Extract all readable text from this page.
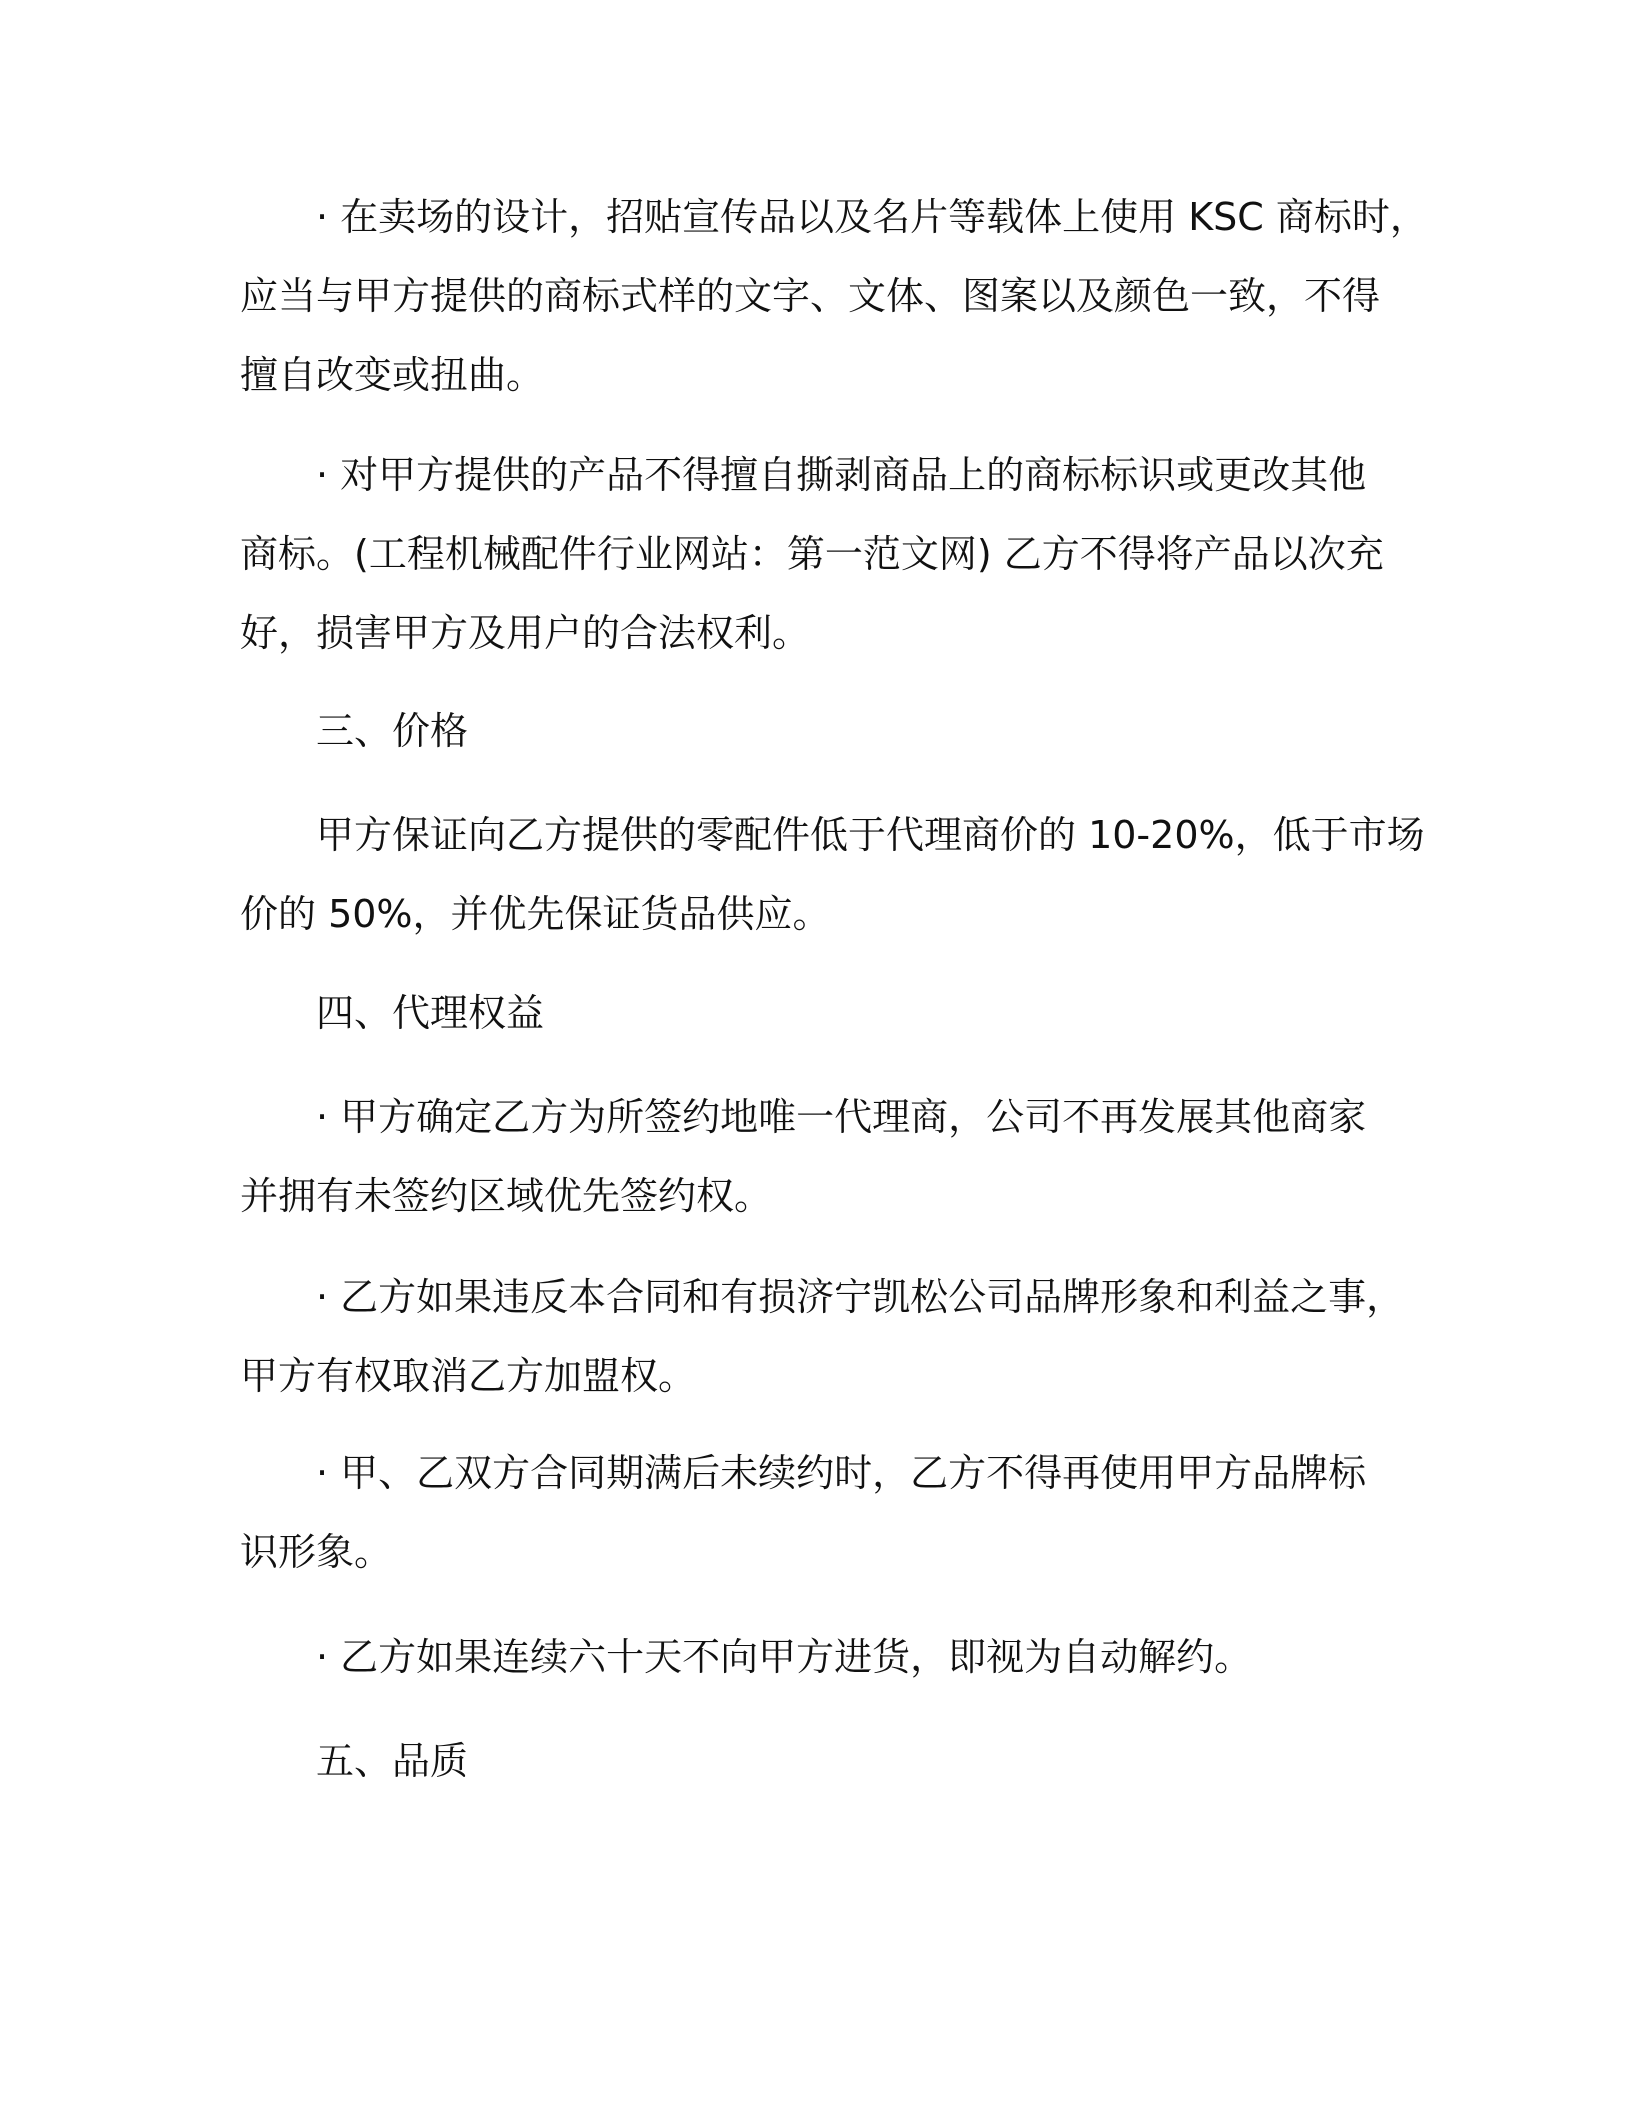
· 在卖场的设计，招贴宣传品以及名片等载体上使用 KSC 商标时，
应当与甲方提供的商标式样的文字、文体、图案以及颜色一致，不得
擅自改变或扭曲。
· 对甲方提供的产品不得擅自撕剥商品上的商标标识或更改其他
商标。(工程机械配件行业网站：第一范文网) 乙方不得将产品以次充
好，损害甲方及用户的合法权利。
三、价格
甲方保证向乙方提供的零配件低于代理商价的 10-20%，低于市场
价的 50%，并优先保证货品供应。
四、代理权益
· 甲方确定乙方为所签约地唯一代理商，公司不再发展其他商家
并拥有未签约区域优先签约权。
· 乙方如果违反本合同和有损济宁凯松公司品牌形象和利益之事，
甲方有权取消乙方加盟权。
· 甲、乙双方合同期满后未续约时，乙方不得再使用甲方品牌标
识形象。
· 乙方如果连续六十天不向甲方进货，即视为自动解约。
五、品质
